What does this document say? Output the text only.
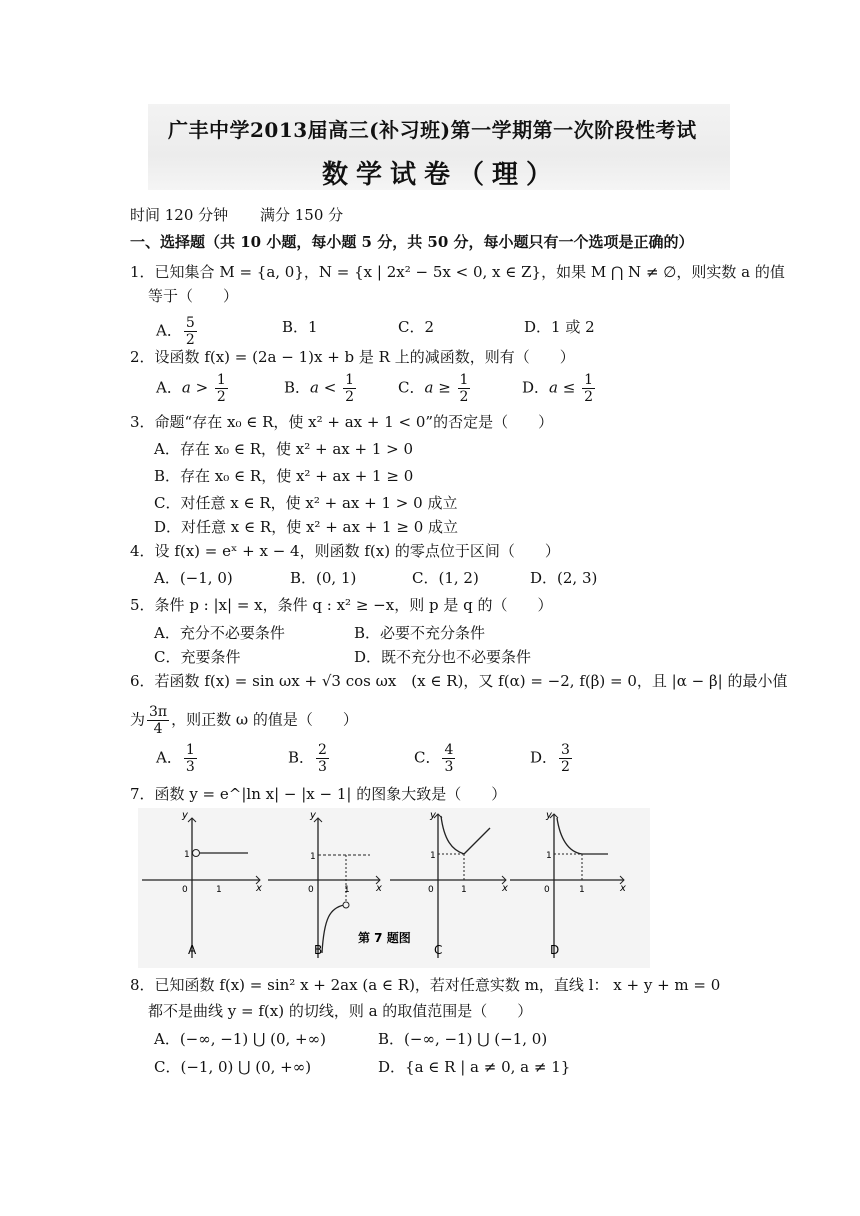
广丰中学2013届高三(补习班)第一学期第一次阶段性考试
数学试卷（理）
时间 120 分钟 满分 150 分
一、选择题（共 10 小题，每小题 5 分，共 50 分，每小题只有一个选项是正确的）
1．已知集合 M = {a, 0}，N = {x | 2x² − 5x < 0, x ∈ Z}，如果 M ⋂ N ≠ ∅，则实数 a 的值
等于（　　）
A． $\frac{5}{2}$	B．1	C．2	D．1 或 2
2．设函数 f(x) = (2a − 1)x + b 是 R 上的减函数，则有（　　）
A．$a > \frac{1}{2}$	B．$a < \frac{1}{2}$	C．$a \ge \frac{1}{2}$	D．$a \le \frac{1}{2}$
3．命题“存在 x₀ ∈ R，使 x² + ax + 1 < 0”的否定是（　　）
A．存在 x₀ ∈ R，使 x² + ax + 1 > 0
B．存在 x₀ ∈ R，使 x² + ax + 1 ≥ 0
C．对任意 x ∈ R，使 x² + ax + 1 > 0 成立
D．对任意 x ∈ R，使 x² + ax + 1 ≥ 0 成立
4．设 f(x) = eˣ + x − 4，则函数 f(x) 的零点位于区间（　　）
A．(−1, 0)	B．(0, 1)	C．(1, 2)	D．(2, 3)
5．条件 p : |x| = x，条件 q : x² ≥ −x，则 p 是 q 的（　　）
A．充分不必要条件	B．必要不充分条件
C．充要条件	D．既不充分也不必要条件
6．若函数 f(x) = sin ωx + √3 cos ωx　(x ∈ R)，又 f(α) = −2, f(β) = 0，且 |α − β| 的最小值
为 $\frac{3\pi}{4}$ ，则正数 ω 的值是（　　）
A． $\frac{1}{3}$	B． $\frac{2}{3}$	C． $\frac{4}{3}$	D． $\frac{3}{2}$
7．函数 y = e^|ln x| − |x − 1| 的图象大致是（　　）
y
x
0
1
1
A
y
x
0
1
1
B
第 7 题图
y
x
0
1
1
C
y
x
0
1
1
D
8．已知函数 f(x) = sin² x + 2ax (a ∈ R)，若对任意实数 m，直线 l： x + y + m = 0
都不是曲线 y = f(x) 的切线，则 a 的取值范围是（　　）
A．(−∞, −1) ⋃ (0, +∞)	B．(−∞, −1) ⋃ (−1, 0)
C．(−1, 0) ⋃ (0, +∞)	D．{a ∈ R | a ≠ 0, a ≠ 1}
